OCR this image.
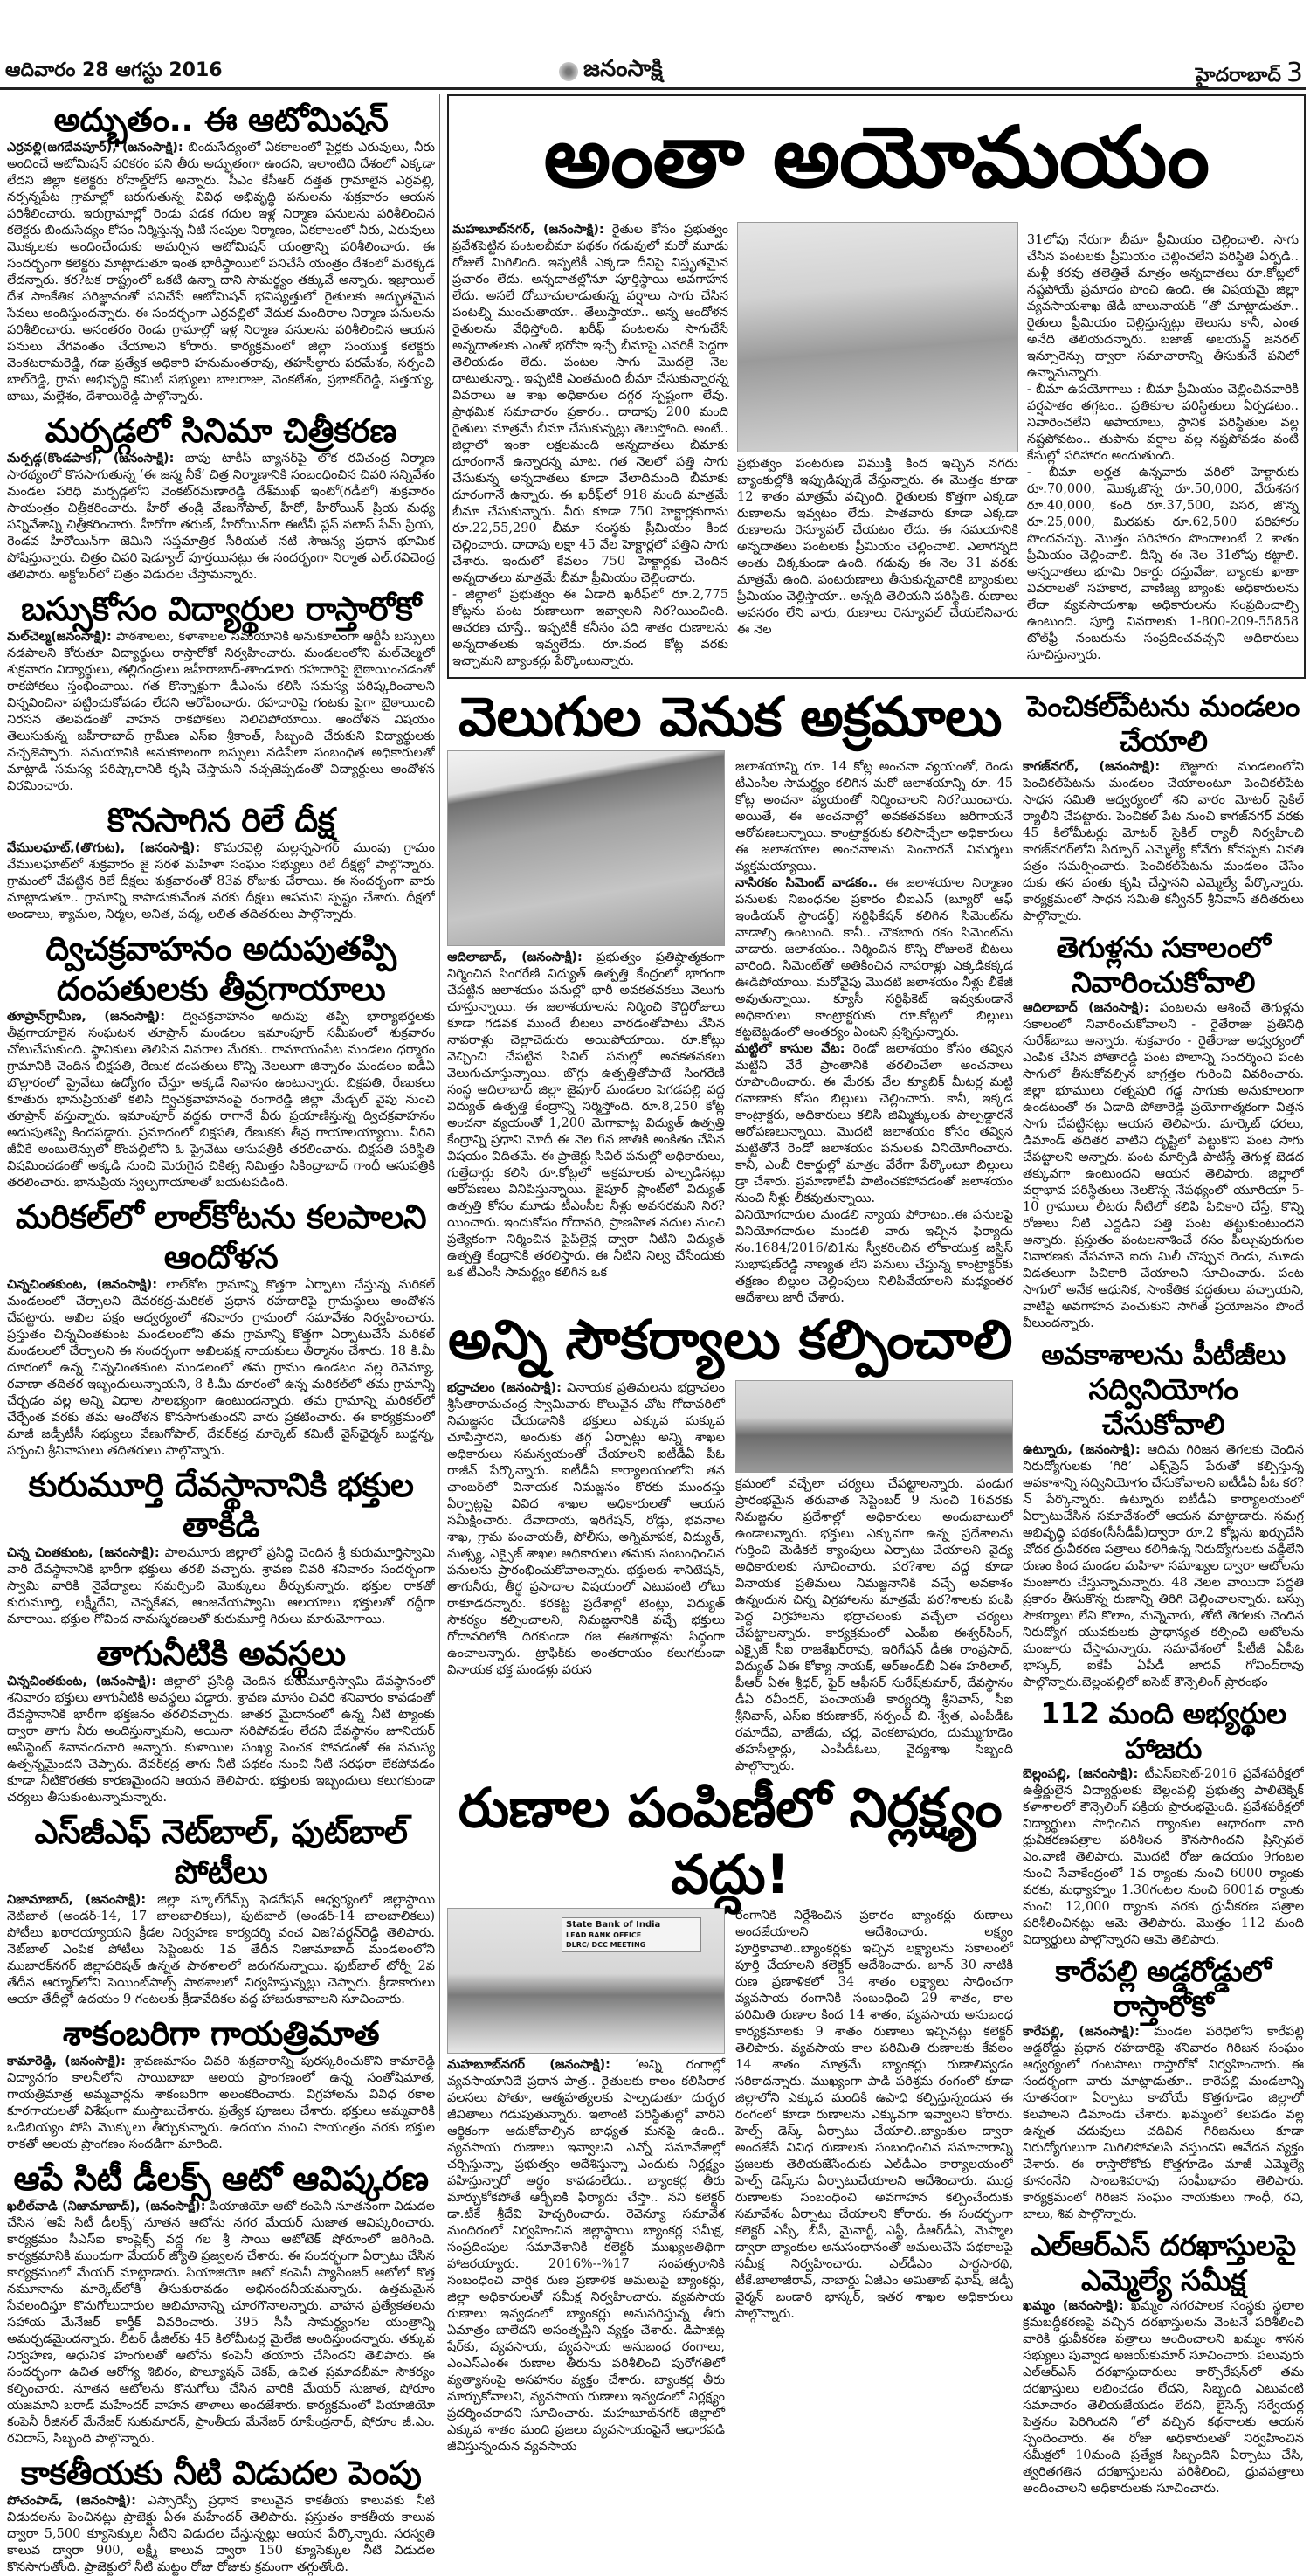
ఆదివారం 28 ఆగస్టు 2016	జనంసాక్షి	హైదరాబాద్ 3
అద్భుతం.. ఈ ఆటోమిషన్

ఎర్రవల్లి(జగదేవపూర్), (జనంసాక్షి): బిందుసేద్యంలో ఏకకాలంలో పైర్లకు ఎరువులు, నీరు అందించే ఆటోమిషన్ పరికరం పని తీరు అద్భుతంగా ఉందని, ఇలాంటిది దేశంలో ఎక్కడా లేదని జిల్లా కలెక్టరు రోనాల్డ్‌రోస్ అన్నారు. సీఎం కేసీఆర్ దత్తత గ్రామాలైన ఎర్రవల్లి, నర్సన్నపేట గ్రామాల్లో జరుగుతున్న వివిధ అభివృద్ధి పనులను శుక్రవారం ఆయన పరిశీలించారు. ఇరుగ్రామాల్లో రెండు పడక గదుల ఇళ్ల నిర్మాణ పనులను పరిశీలించిన కలెక్టరు బిందుసేద్యం కోసం నిర్మిస్తున్న నీటి సంపుల నిర్మాణం, ఏకకాలంలో నీరు, ఎరువులు మొక్కలకు అందించేందుకు అమర్చిన ఆటోమిషన్ యంత్రాన్ని పరిశీలించారు. ఈ సందర్భంగా కలెక్టరు మాట్లాడుతూ ఇంత భారీస్థాయిలో పనిచేసే యంత్రం దేశంలో మరెక్కడ లేదన్నారు. కర?టక రాష్ట్రంలో ఒకటి ఉన్నా దాని సామర్థ్యం తక్కువే అన్నారు. ఇజ్రాయిల్ దేశ సాంకేతిక పరిజ్ఞానంతో పనిచేసే ఆటోమిషన్ భవిష్యత్తులో రైతులకు అద్భుతమైన సేవలు అందిస్తుందన్నారు. ఈ సందర్భంగా ఎర్రవల్లిలో వేదుక మందిరాల నిర్మాణ పనులను పరిశీలించారు. అనంతరం రెండు గ్రామాల్లో ఇళ్ల నిర్మాణ పనులను పరిశీలించిన ఆయన పనులు వేగవంతం చేయాలని కోరారు. కార్యక్రమంలో జిల్లా సంయుక్త కలెక్టరు వెంకటరామరెడ్డి, గడా ప్రత్యేక అధికారి హనుమంతరావు, తహసీల్దారు పరమేశం, సర్పంచి బాల్‌రెడ్డి, గ్రామ అభివృద్ధి కమిటీ సభ్యులు బాలరాజు, వెంకటేశం, ప్రభాకర్‌రెడ్డి, సత్తయ్య, బాబు, మల్లేశం, దేశాయిరెడ్డి పాల్గొన్నారు.

మర్పడ్గలో సినిమా చిత్రీకరణ

మర్పడ్గ(కొండపాక), (జనంసాక్షి): బాపు టాకీస్ బ్యానర్‌పై లోక రవిచంద్ర నిర్మాణ సారథ్యంలో కొనసాగుతున్న ‘ఈ జన్మ నీకే’ చిత్ర నిర్మాణానికి సంబంధించిన చివరి సన్నివేశం మండల పరిధి మర్పడ్గలోని వెంకట్‌రమణారెడ్డి దేశ్‌ముఖ్ ఇంటో(గడీలో) శుక్రవారం సాయంత్రం చిత్రీకరించారు. హీరో తండ్రి వేణుగోపాల్, హీరో, హీరోయిన్ ప్రియ మధ్య సన్నివేశాన్ని చిత్రీకరించారు. హీరోగా తరుణ్, హీరోయిన్‌గా ఈటీవీ ప్లస్ పటాస్ ఫేమ్ ప్రియ, రెండవ హీరోయిన్‌గా జెమిని సప్తమాత్రిక సీరియల్ నటి సౌజన్య ప్రధాన భూమిక పోషిస్తున్నారు. చిత్రం చివరి షెడ్యూల్ పూర్తయినట్లు ఈ సందర్భంగా నిర్మాత ఎల్.రవిచెంద్ర తెలిపారు. అక్టోబర్‌లో చిత్రం విడుదల చేస్తామన్నారు.

బస్సుకోసం విద్యార్థుల రాస్తారోకో

మల్‌చెల్మ(జనంసాక్షి): పాఠశాలలు, కళాశాలల సమయానికి అనుకూలంగా ఆర్టీసీ బస్సులు నడపాలని కోరుతూ విద్యార్థులు రాస్తారోకో నిర్వహించారు. మండలంలోని మల్‌చెల్మలో శుక్రవారం విద్యార్థులు, తల్లిదండ్రులు జహీరాబాద్-తాండూరు రహదారిపై బైఠాయించడంతో రాకపోకలు స్తంభించాయి. గత కొన్నాళ్లుగా డీఎంను కలిసి సమస్య పరిష్కరించాలని విన్నవించినా పట్టించుకోవడం లేదని ఆరోపించారు. రహదారిపై గంటకు పైగా బైఠాయించి నిరసన తెలపడంతో వాహన రాకపోకలు నిలిచిపోయాయి. ఆందోళన విషయం తెలుసుకున్న జహీరాబాద్ గ్రామీణ ఎస్‌ఐ శ్రీకాంత్, సిబ్బంది చేరుకుని విద్యార్థులకు నచ్చజెప్పారు. సమయానికి అనుకూలంగా బస్సులు నడిపేలా సంబంధిత అధికారులతో మాట్లాడి సమస్య పరిష్కారానికి కృషి చేస్తామని నచ్చజెప్పడంతో విద్యార్థులు ఆందోళన విరమించారు.

కొనసాగిన రిలే దీక్ష

వేములఘాట్,(తొగుట), (జనంసాక్షి): కొమరవెల్లి మల్లన్నసాగర్ ముంపు గ్రామం వేములఘాట్‌లో శుక్రవారం జై సరళ మహిళా సంఘం సభ్యులు రిలే దీక్షల్లో పాల్గొన్నారు. గ్రామంలో చేపట్టిన రిలే దీక్షలు శుక్రవారంతో 83వ రోజుకు చేరాయి. ఈ సందర్భంగా వారు మాట్లాడుతూ.. గ్రామాన్ని కాపాడుకునేంత వరకు దీక్షలు ఆపమని స్పష్టం చేశారు. దీక్షలో అండాలు, శ్యామల, నిర్మల, అనిత, పద్మ, లలిత తదితరులు పాల్గొన్నారు.

ద్విచక్రవాహనం అదుపుతప్పి దంపతులకు తీవ్రగాయాలు

తూప్రాన్‌గ్రామీణ, (జనంసాక్షి): ద్విచక్రవాహనం అదుపు తప్పి భార్యాభర్తలకు తీవ్రగాయాలైన సంఘటన తూప్రాన్ మండలం ఇమాంపూర్ సమీపంలో శుక్రవారం చోటుచేసుకుంది. స్థానికులు తెలిపిన వివరాల మేరకు.. రామాయంపేట మండలం ధర్మారం గ్రామానికి చెందిన బిక్షపతి, రేణుక దంపతులు కొన్ని నెలలుగా జిన్నారం మండలం ఐడీఏ బొల్లారంలో ప్రైవేటు ఉద్యోగం చేస్తూ అక్కడే నివాసం ఉంటున్నారు. బిక్షపతి, రేణుకలు కూతురు భానుప్రియతో కలిసి ద్విచక్రవాహనంపై రంగారెడ్డి జిల్లా మేడ్చల్ వైపు నుంచి తూప్రాన్ వస్తున్నారు. ఇమాంపూర్ వద్దకు రాగానే వీరు ప్రయాణిస్తున్న ద్విచక్రవాహనం అదుపుతప్పి కిందపడ్డారు. ప్రమాదంలో బిక్షపతి, రేణుకకు తీవ్ర గాయాలయ్యాయి. వీరిని జీవీకే అంబులెన్సులో కొంపల్లిలోని ఓ ప్రైవేటు ఆసుపత్రికి తరలించారు. బిక్షపతి పరిస్థితి విషమించడంతో అక్కడి నుంచి మెరుగైన చికిత్స నిమిత్తం సికింద్రాబాద్ గాంధీ ఆసుపత్రికి తరలించారు. భానుప్రియ స్వల్పగాయాలతో బయటపడింది.

మరికల్‌లో లాల్‌కోటను కలపాలని ఆందోళన

చిన్నచింతకుంట, (జనంసాక్షి): లాల్‌కోట గ్రామాన్ని కొత్తగా ఏర్పాటు చేస్తున్న మరికల్ మండలంలో చేర్చాలని దేవరకద్ర-మరికల్ ప్రధాన రహదారిపై గ్రామస్థులు ఆందోళన చేపట్టారు. అఖిల పక్షం ఆధ్వర్యంలో శనివారం గ్రామంలో సమావేశం నిర్వహించారు. ప్రస్తుతం చిన్నచింతకుంట మండలంలోని తమ గ్రామాన్ని కొత్తగా ఏర్పాటుచేసే మరికల్ మండలంలో చేర్చాలని ఈ సందర్భంగా అఖిలపక్ష నాయకులు తీర్మానం చేశారు. 18 కి.మీ దూరంలో ఉన్న చిన్నచింతకుంట మండలంలో తమ గ్రామం ఉండటం వల్ల రెవెన్యూ, రవాణా తదితర ఇబ్బందులున్నాయని, 8 కి.మీ దూరంలో ఉన్న మరికల్‌లో తమ గ్రామాన్ని చేర్చడం వల్ల అన్ని విధాల సౌలభ్యంగా ఉంటుందన్నారు. తమ గ్రామాన్ని మరికల్‌లో చేర్చేంత వరకు తమ ఆందోళన కొనసాగుతుందని వారు ప్రకటించారు. ఈ కార్యక్రమంలో మాజీ జడ్పీటీసీ సభ్యులు వేణుగోపాల్, దేవర్‌కద్ర మార్కెట్ కమిటీ వైస్‌ఛైర్మన్ బుద్దన్న, సర్పంచి శ్రీనివాసులు తదితరులు పాల్గొన్నారు.

కురుమూర్తి దేవస్థానానికి భక్తుల తాకిడి

చిన్న చింతకుంట, (జనంసాక్షి): పాలమూరు జిల్లాలో ప్రసిద్ధి చెందిన శ్రీ కురుమూర్తిస్వామి వారి దేవస్థానానికి భారీగా భక్తులు తరలి వచ్చారు. శ్రావణ చివరి శనివారం సందర్భంగా స్వామి వారికి నైవేద్యాలు సమర్పించి మొక్కులు తీర్చుకున్నారు. భక్తుల రాకతో కురుమూర్తి, లక్ష్మీదేవి, చెన్నకేశవ, ఆంజనేయస్వామి ఆలయాలు భక్తులతో రద్దీగా మారాయి. భక్తుల గోవింద నామస్మరణలతో కురుమూర్తి గిరులు మారుమోగాయి.

తాగునీటికి అవస్థలు

చిన్నచింతకుంట, (జనంసాక్షి): జిల్లాలో ప్రసిద్ధి చెందిన కురుమూర్తిస్వామి దేవస్థానంలో శనివారం భక్తులు తాగునీటికి అవస్థలు పడ్డారు. శ్రావణ మాసం చివరి శనివారం కావడంతో దేవస్థానానికి భారీగా భక్తజనం తరలివచ్చారు. జాతర మైదానంలో ఉన్న నీటి ట్యాంకు ద్వారా తాగు నీరు అందిస్తున్నామని, అయినా సరిపోవడం లేదని దేవస్థానం జూనియర్ అసిస్టెంట్ శివానందచారి అన్నారు. కుళాయిల సంఖ్య పెంచక పోవడంతో ఈ సమస్య ఉత్పన్నమైందని చెప్పారు. దేవర్‌కద్ర తాగు నీటి పథకం నుంచి నీటి సరఫరా లేకపోవడం కూడా నీటికొరతకు కారణమైందని ఆయన తెలిపారు. భక్తులకు ఇబ్బందులు కలుగకుండా చర్యలు తీసుకుంటున్నామన్నారు.

ఎస్‌జీఎఫ్ నెట్‌బాల్, ఫుట్‌బాల్ పోటీలు

నిజామాబాద్, (జనంసాక్షి): జిల్లా స్కూల్‌గేమ్స్ ఫెడరేషన్ ఆధ్వర్యంలో జిల్లాస్థాయి నెట్‌బాల్ (అండర్-14, 17 బాలబాలికలు), ఫుట్‌బాల్ (అండర్-14 బాలబాలికలు) పోటీలు ఖరారయ్యాయని క్రీడల నిర్వహణ కార్యదర్శి వంచ విజ?వర్ధన్‌రెడ్డి తెలిపారు. నెట్‌బాల్ ఎంపిక పోటీలు సెప్టెంబరు 1వ తేదీన నిజామాబాద్ మండలంలోని ముబారక్‌నగర్ జిల్లాపరిషత్ ఉన్నత పాఠశాలలో జరుగనున్నాయి. ఫుట్‌బాల్ టోర్నీ 2వ తేదీన ఆర్మూర్‌లోని సెయింట్‌పాల్స్ పాఠశాలలో నిర్వహిస్తున్నట్లు చెప్పారు. క్రీడాకారులు ఆయా తేదీల్లో ఉదయం 9 గంటలకు క్రీడావేదికల వద్ద హాజరుకావాలని సూచించారు.

శాకంబరిగా గాయత్రిమాత

కామారెడ్డి, (జనంసాక్షి): శ్రావణమాసం చివరి శుక్రవారాన్ని పురస్కరించుకొని కామారెడ్డి విద్యానగం కాలనీలోని సాయిబాబా ఆలయ ప్రాంగణంలో ఉన్న సంతోషిమాత, గాయత్రిమాత్ర అమ్మవార్లను శాకంబరిగా అలంకరించారు. విగ్రహాలను వివిధ రకాల కూరగాయలతో విశేషంగా ముస్తాబుచేశారు. ప్రత్యేక పూజలు చేశారు. భక్తులు అమ్మవారికి ఒడిబియ్యం పోసి మొక్కులు తీర్చుకున్నారు. ఉదయం నుంచి సాయంత్రం వరకు భక్తుల రాకతో ఆలయ ప్రాంగణం సందడిగా మారింది.

ఆపే సిటీ డీలక్స్ ఆటో ఆవిష్కరణ

ఖలీల్‌వాడి (నిజామాబాద్), (జనంసాక్షి): పియాజియో ఆటో కంపెనీ నూతనంగా విడుదల చేసిన ‘ఆపే సిటీ డీలక్స్’ నూతన ఆటోను నగర మేయర్ సుజాత ఆవిష్కరించారు. కార్యక్రమం సీఎస్‌ఐ కాంప్లెక్స్ వద్ద గల శ్రీ సాయి ఆటోటెక్ షోరూంలో జరిగింది. కార్యక్రమానికి ముందుగా మేయర్ జ్యోతి ప్రజ్వలన చేశారు. ఈ సందర్భంగా ఏర్పాటు చేసిన కార్యక్రమంలో మేయర్ మాట్లాడారు. పియాజియో ఆటో కంపెనీ ప్యాసింజర్ ఆటోలో కొత్త నమూనాను మార్కెట్‌లోకి తీసుకురావడం అభినందనీయమన్నారు. ఉత్తమమైన సేవలందిస్తూ కొనుగోలుదారుల అభిమానాన్ని చూరగొనాలన్నారు. వాహన ప్రత్యేకతలను సహాయ మేనేజర్ కార్తీక్ వివరించారు. 395 సీసీ సామర్థ్యంగల యంత్రాన్ని అమర్చడమైందన్నారు. లీటర్ డీజిల్‌కు 45 కిలోమీటర్ల మైలేజి అందిస్తుందన్నారు. తక్కువ నిర్వహణ, ఆధునిక హంగులతో ఆటోను కంపెనీ తయారు చేసిందని తెలిపారు. ఈ సందర్భంగా ఉచిత ఆరోగ్య శిబిరం, పొల్యూషన్ చెకప్, ఉచిత ప్రమాదబీమా సౌకర్యం కల్పించారు. నూతన ఆటోలను కొనుగోలు చేసిన వారికి మేయర్ సుజాత, షోరూం యజమాని బరాడ్ మహేందర్ వాహన తాళాలు అందజేశారు. కార్యక్రమంలో పియాజియో కంపెనీ రీజినల్ మేనేజర్ సుకుమారన్, ప్రాంతీయ మేనేజర్ రూపేంద్రనాథ్, షోరూం జీ.ఎం. రవిదాస్, సిబ్బంది పాల్గొన్నారు.

కాకతీయకు నీటి విడుదల పెంపు

పోచంపాడ్, (జనంసాక్షి): ఎస్సారెస్పీ ప్రధాన కాలువైన కాకతీయ కాలువకు నీటి విడుదలను పెంచినట్లు ప్రాజెక్టు ఏఈ మహేందర్ తెలిపారు. ప్రస్తుతం కాకతీయ కాలువ ద్వారా 5,500 క్యూసెక్కుల నీటిని విడుదల చేస్తున్నట్లు ఆయన పేర్కొన్నారు. సరస్వతి కాలువ ద్వారా 900, లక్ష్మీ కాలువ ద్వారా 150 క్యూసెక్కుల నీటి విడుదల కొనసాగుతోంది. ప్రాజెక్టులో నీటి మట్టం రోజు రోజుకు క్రమంగా తగ్గుతోంది.

అంతా అయోమయం

మహబూబ్‌నగర్, (జనంసాక్షి): రైతుల కోసం ప్రభుత్వం ప్రవేశపెట్టిన పంటలబీమా పథకం గడువులో మరో మూడు రోజులే మిగిలింది. ఇప్పటికీ ఎక్కడా దీనిపై విస్తృతమైన ప్రచారం లేదు. అన్నదాతల్లోనూ పూర్తిస్థాయి అవగాహన లేదు. అసలే దోబూచులాడుతున్న వర్షాలు సాగు చేసిన పంటల్ని ముంచుతాయా.. తేలుస్తాయా.. అన్న ఆందోళన రైతులను వేధిస్తోంది. ఖరీఫ్ పంటలను సాగుచేసే అన్నదాతలకు ఎంతో భరోసా ఇచ్చే బీమాపై ఎవరికీ పెద్దగా తెలియడం లేదు. పంటల సాగు మొదలై నెల దాటుతున్నా.. ఇప్పటికి ఎంతమంది బీమా చేసుకున్నారన్న వివరాలు ఆ శాఖ అధికారుల దగ్గర స్పష్టంగా లేవు. ప్రాథమిక సమాచారం ప్రకారం.. దాదాపు 200 మంది రైతులు మాత్రమే బీమా చేసుకున్నట్లు తెలుస్తోంది. అంటే.. జిల్లాలో ఇంకా లక్షలమంది అన్నదాతలు బీమాకు దూరంగానే ఉన్నారన్న మాట. గత నెలలో పత్తి సాగు చేసుకున్న అన్నదాతలు కూడా వేలాదిమంది బీమాకు దూరంగానే ఉన్నారు. ఈ ఖరీఫ్‌లో 918 మంది మాత్రమే బీమా చేసుకున్నారు. వీరు కూడా 750 హెక్టార్లకుగాను రూ.22,55,290 బీమా సంస్థకు ప్రీమియం కింద చెల్లించారు. దాదాపు లక్షా 45 వేల హెక్టార్లలో పత్తిని సాగు చేశారు. ఇందులో కేవలం 750 హెక్టార్లకు చెందిన అన్నదాతలు మాత్రమే బీమా ప్రీమియం చెల్లించారు.

- జిల్లాలో ప్రభుత్వం ఈ ఏడాది ఖరీఫ్‌లో రూ.2,775 కోట్లను పంట రుణాలుగా ఇవ్వాలని నిర?యించింది. ఆచరణ చూస్తే.. ఇప్పటికీ కనీసం పది శాతం రుణాలను అన్నదాతలకు ఇవ్వలేదు. రూ.వంద కోట్ల వరకు ఇచ్చామని బ్యాంకర్లు పేర్కొంటున్నారు.

ప్రభుత్వం పంటరుణ విముక్తి కింద ఇచ్చిన నగదు బ్యాంకుల్లోకి ఇప్పుడిప్పుడే వేస్తున్నారు. ఈ మొత్తం కూడా 12 శాతం మాత్రమే వచ్చింది. రైతులకు కొత్తగా ఎక్కడా రుణాలను ఇవ్వటం లేదు. పాతవారు కూడా ఎక్కడా రుణాలను రెన్యూవల్ చేయటం లేదు. ఈ సమయానికి అన్నదాతలు పంటలకు ప్రీమియం చెల్లించాలి. ఎలాగన్నది అంతు చిక్కకుండా ఉంది. గడువు ఈ నెల 31 వరకు మాత్రమే ఉంది. పంటరుణాలు తీసుకున్నవారికి బ్యాంకులు ప్రీమియం చెల్లిస్తాయా.. అన్నది తెలియని పరిస్థితి. రుణాలు అవసరం లేని వారు, రుణాలు రెన్యూవల్ చేయలేనివారు ఈ నెల

31లోపు నేరుగా బీమా ప్రీమియం చెల్లించాలి. సాగు చేసిన పంటలకు ప్రీమియం చెల్లించలేని పరిస్థితి ఏర్పడి.. మళ్లీ కరవు తలెత్తితే మాత్రం అన్నదాతలు రూ.కోట్లలో నష్టపోయే ప్రమాదం పొంచి ఉంది. ఈ విషయమై జిల్లా వ్యవసాయశాఖ జేడీ బాలునాయక్ “తో మాట్లాడుతూ.. రైతులు ప్రీమియం చెల్లిస్తున్నట్లు తెలుసు కానీ, ఎంత అనేది తెలియదన్నారు. బజాజ్ అలయన్జ్ జనరల్ ఇన్సూరెన్సు ద్వారా సమాచారాన్ని తీసుకునే పనిలో ఉన్నామన్నారు.

- బీమా ఉపయోగాలు : బీమా ప్రీమియం చెల్లించినవారికి వర్షపాతం తగ్గటం.. ప్రతికూల పరిస్థితులు ఏర్పడటం.. నివారించలేని అపాయాలు, స్థానిక పరిస్థితుల వల్ల నష్టపోవటం.. తుపాను వర్షాల వల్ల నష్టపోవడం వంటి కేసుల్లో పరిహారం అందుతుంది.

- బీమా అర్హత ఉన్నవారు వరిలో హెక్టారుకు రూ.70,000, మొక్కజొన్న రూ.50,000, వేరుశనగ రూ.40,000, కంది రూ.37,500, పెసర, జొన్న రూ.25,000, మిరపకు రూ.62,500 పరిహారం పొందవచ్చు. మొత్తం పరిహారం పొందాలంటే 2 శాతం ప్రీమియం చెల్లించాలి. దీన్ని ఈ నెల 31లోపు కట్టాలి. అన్నదాతలు భూమి రికార్డు దస్తువేజు, బ్యాంకు ఖాతా వివరాలతో సహకార, వాణిజ్య బ్యాంకు అధికారులను లేదా వ్యవసాయశాఖ అధికారులను సంప్రదించాల్సి ఉంటుంది. పూర్తి వివరాలకు 1-800-209-55858 టోల్‌ఫ్రీ నంబరును సంప్రదించవచ్చని అధికారులు సూచిస్తున్నారు.

వెలుగుల వెనుక అక్రమాలు

ఆదిలాబాద్, (జనంసాక్షి): ప్రభుత్వం ప్రతిష్ఠాత్మకంగా నిర్మించిన సింగరేణి విద్యుత్ ఉత్పత్తి కేంద్రంలో భాగంగా చేపట్టిన జలాశయం పనుల్లో భారీ అవకతవకలు వెలుగు చూస్తున్నాయి. ఈ జలాశయాలను నిర్మించి కొద్దిరోజులు కూడా గడవక ముందే బీటలు వారడంతోపాటు వేసిన నాపరాళ్లు చెల్లాచెదురు అయిపోయాయి. రూ.కోట్లు వెచ్చించి చేపట్టిన సివిల్ పనుల్లో అవకతవకలు వెలుగుచూస్తున్నాయి. బొగ్గు ఉత్పత్తితోపాటే సింగరేణి సంస్థ ఆదిలాబాద్ జిల్లా జైపూర్ మండలం పెగడపల్లి వద్ద విద్యుత్ ఉత్పత్తి కేంద్రాన్ని నిర్మిస్తోంది. రూ.8,250 కోట్ల అంచనా వ్యయంతో 1,200 మెగావాట్ల విద్యుత్ ఉత్పత్తి కేంద్రాన్ని ప్రధాని మోదీ ఈ నెల 6న జాతికి అంకితం చేసిన విషయం విదితమే. ఈ ప్రాజెక్టు సివిల్ పనుల్లో అధికారులు, గుత్తేదార్లు కలిసి రూ.కోట్లలో అక్రమాలకు పాల్పడినట్లు ఆరోపణలు వినిపిస్తున్నాయి. జైపూర్ ప్లాంట్‌లో విద్యుత్ ఉత్పత్తి కోసం మూడు టీఎంసీల నీళ్లు అవసరమని నిర?యించారు. ఇందుకోసం గోదావరి, ప్రాణహిత నదుల నుంచి ప్రత్యేకంగా నిర్మించిన పైప్‌లైన్ల ద్వారా నీటిని విద్యుత్ ఉత్పత్తి కేంద్రానికి తరలిస్తారు. ఈ నీటిని నిల్వ చేసేందుకు ఒక టీఎంసీ సామర్థ్యం కలిగిన ఒక

జలాశయాన్ని రూ. 14 కోట్ల అంచనా వ్యయంతో, రెండు టీఎంసీల సామర్థ్యం కలిగిన మరో జలాశయాన్ని రూ. 45 కోట్ల అంచనా వ్యయంతో నిర్మించాలని నిర?యించారు. అయితే, ఈ అంచనాల్లో అవకతవకలు జరిగాయనే ఆరోపణలున్నాయి. కాంట్రాక్టరుకు కలిసొచ్చేలా అధికారులు ఈ జలాశయాల అంచనాలను పెంచారనే విమర్శలు వ్యక్తమయ్యాయి.

నాసిరకం సిమెంట్ వాడకం.. ఈ జలాశయాల నిర్మాణం పనులకు నిబంధనల ప్రకారం బీఐఎస్ (బ్యూరో ఆఫ్ ఇండియన్ స్టాండర్డ్) సర్టిఫికేషన్ కలిగిన సిమెంట్‌ను వాడాల్సి ఉంటుంది. కానీ.. చౌకబారు రకం సిమెంట్‌ను వాడారు. జలాశయం.. నిర్మించిన కొన్ని రోజులకే బీటలు వారింది. సిమెంట్‌తో అతికించిన నాపరాళ్లు ఎక్కడికక్కడ ఊడిపోయాయి. మరోవైపు మొదటి జలాశయం నీళ్లు లీకేజీ అవుతున్నాయి. క్యూసీ సర్టిఫికెట్ ఇవ్వకుండానే అధికారులు కాంట్రాక్టరుకు రూ.కోట్లలో బిల్లులు కట్టబెట్టడంలో ఆంతర్యం ఏంటని ప్రశ్నిస్తున్నారు.

మట్టిలో కాసుల వేట: రెండో జలాశయం కోసం తవ్విన మట్టిని వేరే ప్రాంతానికి తరలించేలా అంచనాలు రూపొందించారు. ఈ మేరకు వేల క్యూబిక్ మీటర్ల మట్టి రవాణాకు కోసం బిల్లులు చెల్లించారు. కానీ, ఇక్కడ కాంట్రాక్టరు, అధికారులు కలిసి జిమ్మిక్కులకు పాల్పడ్డారనే ఆరోపణలున్నాయి. మొదటి జలాశయం కోసం తవ్విన మట్టితోనే రెండో జలాశయం పనులకు వినియోగించారు. కానీ, ఎంబీ రికార్డుల్లో మాత్రం వేరేగా పేర్కొంటూ బిల్లులు డ్రా చేశారు. ప్రమాణాలేవీ పాటించకపోవడంతో జలాశయం నుంచి నీళ్లు లీకవుతున్నాయి.

వినియోగదారుల మండలి న్యాయ పోరాటం..ఈ పనులపై వినియోగదారుల మండలి వారు ఇచ్చిన ఫిర్యాదు నం.1684/2016/బి1ను స్వీకరించిన లోకాయుక్త జస్టిస్ సుభాషణ్‌రెడ్డి నాణ్యత లేని పనులు చేస్తున్న కాంట్రాక్టర్‌కు తక్షణం బిల్లుల చెల్లింపులు నిలిపివేయాలని మధ్యంతర ఆదేశాలు జారీ చేశారు.

అన్ని సౌకర్యాలు కల్పించాలి

భద్రాచలం (జనంసాక్షి): వినాయక ప్రతిమలను భద్రాచలం శ్రీసీతారామచంద్ర స్వామివారు కొలువైన చోట గోదావరిలో నిమజ్జనం చేయడానికి భక్తులు ఎక్కువ మక్కువ చూపిస్తారని, అందుకు తగ్గ ఏర్పాట్లు అన్ని శాఖల అధికారులు సమన్వయంతో చేయాలని ఐటీడీఏ పీఓ రాజీవ్ పేర్కొన్నారు. ఐటీడీఏ కార్యాలయంలోని తన ఛాంబర్‌లో వినాయక నిమజ్జనం కొరకు ముందస్తు ఏర్పాట్లపై వివిధ శాఖల అధికారులతో ఆయన సమీక్షించారు. దేవాదాయ, ఇరిగేషన్, రోడ్లు, భవనాల శాఖ, గ్రామ పంచాయతీ, పోలీసు, అగ్నిమాపక, విద్యుత్, మత్స్య, ఎక్సైజ్ శాఖల అధికారులు తమకు సంబంధించిన పనులను ప్రారంభించుకోవాలన్నారు. భక్తులకు శానిటేషన్, తాగునీరు, తీర్థ ప్రసాదాల విషయంలో ఎటువంటి లోటు రాకూడదన్నారు. కరకట్ట ప్రదేశాల్లో టెంట్లు, విద్యుత్ సౌకర్యం కల్పించాలని, నిమజ్జనానికి వచ్చే భక్తులు గోదావరిలోకి దిగకుండా గజ ఈతగాళ్లను సిద్ధంగా ఉంచాలన్నారు. ట్రాఫిక్‌కు అంతరాయం కలుగకుండా వినాయక భక్త మండళ్లు వరుస

క్రమంలో వచ్చేలా చర్యలు చేపట్టాలన్నారు. పండుగ ప్రారంభమైన తరువాత సెప్టెంబర్ 9 నుంచి 16వరకు నిమజ్జనం ప్రదేశాల్లో అధికారులు అందుబాటులో ఉండాలన్నారు. భక్తులు ఎక్కువగా ఉన్న ప్రదేశాలను గుర్తించి మెడికల్ క్యాంపులు ఏర్పాటు చేయాలని వైద్య అధికారులకు సూచించారు. పర?శాల వద్ద కూడా వినాయక ప్రతిమలు నిమజ్జనానికి వచ్చే అవకాశం ఉన్నందున చిన్న విగ్రహాలను మాత్రమే పర?శాలకు పంపి పెద్ద విగ్రహాలను భద్రాచలంకు వచ్చేలా చర్యలు చేపట్టాలన్నారు. కార్యక్రమంలో ఎంపీఐ ఈశ్వర్‌సింగ్, ఎక్సైజ్ సీఐ రాజశేఖర్‌రావు, ఇరిగేషన్ డీఈ రాంప్రసాద్, విద్యుత్ ఏఈ కోక్యా నాయక్, ఆర్‌అండ్‌బీ ఏఈ హరిలాల్, పీఆర్ ఏఈ శ్రీధర్, ఫైర్ ఆఫీసర్ సురేష్‌కుమార్, దేవస్థానం డీఏ రవీందర్, పంచాయతీ కార్యదర్శి శ్రీనివాస్, సీఐ శ్రీనివాస్, ఎస్‌ఐ కరుణాకర్, సర్పంచ్ బి. శ్వేత, ఎంపీడీఓ రమాదేవి, వాజేడు, చర్ల, వెంకటాపురం, దుమ్ముగూడెం తహసీల్దార్లు, ఎంపీడీఓలు, వైద్యశాఖ సిబ్బంది పాల్గొన్నారు.

రుణాల పంపిణీలో నిర్లక్ష్యం వద్దు!
State Bank of India
LEAD BANK OFFICE
DLRC/ DCC MEETING

మహబూబ్‌నగర్ (జనంసాక్షి): ‘అన్ని రంగాల్లో వ్యవసాయానిదే ప్రధాన పాత్ర.. రైతులకు కాలం కలిసిరాక వలసలు పోతూ, ఆత్మహత్యలకు పాల్పడుతూ దుర్భర జీవితాలు గడుపుతున్నారు. ఇలాంటి పరిస్థితుల్లో వారిని ఆర్థికంగా ఆదుకోవాల్సిన బాధ్యత మనపై ఉంది.. వ్యవసాయ రుణాలు ఇవ్వాలని ఎన్నో సమావేశాల్లో చర్చిస్తున్నా, ప్రభుత్వం ఆదేశిస్తున్నా ఎందుకు నిర్లక్ష్యం వహిస్తున్నారో అర్థం కావడంలేదు.. బ్యాంకర్ల తీరు మార్చుకోకపోతే ఆర్బీఐకి ఫిర్యాదు చేస్తా.. నని కలెక్టర్ డా.టీకే శ్రీదేవి హెచ్చరించారు. రెవెన్యూ సమావేశ మందిరంలో నిర్వహించిన జిల్లాస్థాయి బ్యాంకర్ల సమీక్ష, సంప్రదింపుల సమావేశానికి కలెక్టర్ ముఖ్యఅతిథిగా హాజరయ్యారు. 2016%--%17 సంవత్సరానికి సంబంధించి వార్షిక రుణ ప్రణాళిక అమలుపై బ్యాంకర్లు, జిల్లా అధికారులతో సమీక్ష నిర్వహించారు. వ్యవసాయ రుణాలు ఇవ్వడంలో బ్యాంకర్లు అనుసరిస్తున్న తీరు ఏమాత్రం బాలేదని అసంతృప్తిని వ్యక్తం చేశారు. డిపాజిట్ల షేర్‌కు, వ్యవసాయ, వ్యవసాయ అనుబంధ రంగాలు, ఎంఎస్‌ఎంఈ రుణాల తీరును పరిశీలించి పురోగతిలో వ్యత్యాసంపై అసహనం వ్యక్తం చేశారు. బ్యాంకర్ల తీరు మార్చుకోవాలని, వ్యవసాయ రుణాలు ఇవ్వడంలో నిర్లక్ష్యం ప్రదర్శించరాదని సూచించారు. మహబూబ్‌నగర్ జిల్లాలో ఎక్కువ శాతం మంది ప్రజలు వ్యవసాయంపైనే ఆధారపడి జీవిస్తున్నందున వ్యవసాయ

రంగానికి నిర్దేశించిన ప్రకారం బ్యాంకర్లు రుణాలు అందజేయాలని ఆదేశించారు. లక్ష్యం పూర్తికావాలి..బ్యాంకర్లకు ఇచ్చిన లక్ష్యాలను సకాలంలో పూర్తి చేయాలని కలెక్టర్ ఆదేశించారు. జూన్ 30 నాటికి రుణ ప్రణాళికలో 34 శాతం లక్ష్యాలు సాధించగా వ్యవసాయ రంగానికి సంబంధించి 29 శాతం, కాల పరిమితి రుణాల కింద 14 శాతం, వ్యవసాయ అనుబంధ కార్యక్రమాలకు 9 శాతం రుణాలు ఇచ్చినట్లు కలెక్టర్ తెలిపారు. వ్యవసాయ కాల పరిమితి రుణాలకు కేవలం 14 శాతం మాత్రమే బ్యాంకర్లు రుణాలివ్వడం సరికాదన్నారు. ముఖ్యంగా పాడి పరిశ్రమ రంగంలో కూడా జిల్లాలోని ఎక్కువ మందికి ఉపాధి కల్పిస్తున్నందున ఈ రంగంలో కూడా రుణాలను ఎక్కువగా ఇవ్వాలని కోరారు. హెల్ప్ డెస్క్ ఏర్పాటు చేయాలి..బ్యాంకుల ద్వారా అందజేసే వివిధ రుణాలకు సంబంధించిన సమాచారాన్ని ప్రజలకు తెలియజేసేందుకు ఎల్‌డీఎం కార్యాలయంలో హెల్ప్ డెస్క్‌ను ఏర్పాటుచేయాలని ఆదేశించారు. ముద్ర రుణాలకు సంబంధించి అవగాహన కల్పించేందుకు సమావేశం ఏర్పాటు చేయాలని కోరారు. ఈ సందర్భంగా కలెక్టర్ ఎస్సీ, బీసీ, మైనార్టీ, ఎస్టీ, డీఆర్‌డీఏ, మెప్మాల ద్వారా బ్యాంకుల అనుసంధానంతో అమలుచేసే పథకాలపై సమీక్ష నిర్వహించారు. ఎల్‌డీఎం పార్థసారథి, టీకే.బాలాజీరావ్, నాబార్డు ఏజీఎం అమితాబ్ ఘోష్, జెడ్పీ వైర్మన్ బండారి భాస్కర్, ఇతర శాఖల అధికారులు పాల్గొన్నారు.

పెంచికల్‌పేటను మండలం చేయాలి

కాగజ్‌నగర్, (జనంసాక్షి): బెజ్జూరు మండలంలోని పెంచికల్‌పేటను మండలం చేయాలంటూ పెంచికల్‌పేట సాధన సమితి ఆధ్వర్యంలో శని వారం మోటర్ సైకిల్ ర్యాలీని చేపట్టారు. పెంచికల్ పేట నుంచి కాగజ్‌నగర్ వరకు 45 కిలోమీటర్లు మోటర్ సైకిల్ ర్యాలీ నిర్వహించి కాగజ్‌నగర్‌లోని సిర్పూర్ ఎమ్మెల్యే కోనేరు కోనప్పకు వినతి పత్రం సమర్పించారు. పెంచికల్‌పేటను మండలం చేసేం దుకు తన వంతు కృషి చేస్తానని ఎమ్మెల్యే పేర్కొన్నారు. కార్యక్రమంలో సాధన సమితి కన్వీనర్ శ్రీనివాస్ తదితరులు పాల్గొన్నారు.

తెగుళ్లను సకాలంలో నివారించుకోవాలి

ఆదిలాబాద్ (జనంసాక్షి): పంటలను ఆశించే తెగుళ్లను సకాలంలో నివారించుకోవాలని - రైతేరాజు ప్రతినిధి సురేశ్‌బాబు అన్నారు. శుక్రవారం - రైతేరాజు అధ్వర్యంలో ఎంపిక చేసిన పోతారెడ్డి పంట పొలాన్ని సందర్శించి పంట సాగులో తీసుకోవల్సిన జాగ్రత్తల గురించి వివరించారు. జిల్లా భూములు రత్నపురి గడ్డ సాగుకు అనుకూలంగా ఉండటంతో ఈ ఏడాది పోతారెడ్డి ప్రయోగాత్మకంగా విత్తన సాగు చేపట్టినట్లు ఆయన తెలిపారు. మార్కెట్ ధరలు, డిమాండ్ తదితర వాటిని దృష్టిలో పెట్టుకొని పంట సాగు చేపట్టాలని అన్నారు. పంట మార్పిడి పాటిస్తే తెగుళ్ల బెడద తక్కువగా ఉంటుందని ఆయన తెలిపారు. జిల్లాలో వర్షాభావ పరిస్థితులు నెలకొన్న నేపథ్యంలో యూరియా 5-10 గ్రాములు లీటరు నీటిలో కలిపి పిచికారి చేస్తే, కొన్ని రోజులు నీటి ఎద్దడిని పత్తి పంట తట్టుకుంటుందని అన్నారు. ప్రస్తుతం పంటలనాశించే రసం పీల్చుపురుగుల నివారణకు వేపనూనె ఐదు మిలీ చొప్పున రెండు, మూడు విడతలుగా పిచికారి చేయాలని సూచించారు. పంట సాగులో అనేక ఆధునిక, సాంకేతిక పద్ధతులు వచ్చాయని, వాటిపై అవగాహన పెంచుకుని సాగితే ప్రయోజనం పొందే వీలుందన్నారు.

అవకాశాలను పీటీజీలు సద్వినియోగం చేసుకోవాలి

ఉట్నూరు, (జనంసాక్షి): ఆదిమ గిరిజన తెగలకు చెందిన నిరుద్యోగులకు ‘గిరి’ ఎక్స్‌ప్రెస్ పేరుతో కల్పిస్తున్న అవకాశాన్ని సద్వినియోగం చేసుకోవాలని ఐటీడీఏ పీఓ కర?న్ పేర్కొన్నారు. ఉట్నూరు ఐటీడీఏ కార్యాలయంలో ఏర్పాటుచేసిన సమావేశంలో ఆయన మాట్లాడారు. సమగ్ర అభివృద్ధి పథకం(సీసీడీపీ)ద్వారా రూ.2 కోట్లను ఖర్చుచేసి చోదక ధ్రువీకరణ పత్రాలు కలిగిఉన్న నిరుద్యోగులకు వడ్డీలేని రుణం కింద మండల మహిళా సమాఖ్యల ద్వారా ఆటోలను మంజూరు చేస్తున్నామన్నారు. 48 నెలల వాయిదా పద్ధతి ప్రకారం తీసుకొన్న రుణాన్ని తిరిగి చెల్లించాలన్నారు. బస్సు సౌకర్యాలు లేని కొలాం, మన్నెవారు, తోటి తెగలకు చెందిన నిరుద్యోగ యువకులకు ప్రాధాన్యత కల్పించి ఆటోలను మంజూరు చేస్తామన్నారు. సమావేశంలో పీటీజీ ఏపీఓ భాస్కర్, ఐకేపీ ఏపీడీ జాదవ్ గోవింద్‌రావు పాల్గొన్నారు.బెల్లంపల్లిలో ఐసెట్ కౌన్సెలింగ్ ప్రారంభం

112 మంది అభ్యర్థుల హాజరు

బెల్లంపల్లి, (జనంసాక్షి): టీఎస్‌ఐసెట్-2016 ప్రవేశపరీక్షలో ఉత్తీర్ణులైన విద్యార్థులకు బెల్లంపల్లి ప్రభుత్వ పాలిటెక్నిక్ కళాశాలలో కౌన్సెలింగ్ పక్రియ ప్రారంభమైంది. ప్రవేశపరీక్షలో విద్యార్థులు సాధించిన ర్యాంకుల ఆధారంగా వారి ధ్రువీకరణపత్రాల పరిశీలన కొనసాగిందని ప్రిన్సిపల్ ఎం.వాణి తెలిపారు. మొదటి రోజు ఉదయం 9గంటల నుంచి సేవాకేంద్రంలో 1వ ర్యాంకు నుంచి 6000 ర్యాంకు వరకు, మధ్యాహ్నం 1.30గంటల నుంచి 6001వ ర్యాంకు నుంచి 12,000 ర్యాంకు వరకు ధ్రువీకరణ పత్రాల పరిశీలించినట్లు ఆమె తెలిపారు. మొత్తం 112 మంది విద్యార్థులు పాల్గొన్నారని ఆమె తెలిపారు.

కారేపల్లి అడ్డరోడ్డులో రాస్తారోకో

కారేపల్లి, (జనంసాక్షి): మండల పరిధిలోని కారేపల్లి అడ్డరోడ్డు ప్రధాన రహదారిపై శనివారం గిరిజన సంఘం ఆధ్వర్యంలో గంటపాటు రాస్తారోకో నిర్వహించారు. ఈ సందర్భంగా వారు మాట్లాడుతూ.. కారేపల్లి మండలాన్ని నూతనంగా ఏర్పాటు కాబోయే కొత్తగూడెం జిల్లాలో కలపాలని డిమాండు చేశారు. ఖమ్మంలో కలపడం వల్ల ఉన్నత చదువులు చదివిన గిరిజనులు కూడా నిరుద్యోగులుగా మిగిలిపోవలసి వస్తుందని ఆవేదన వ్యక్తం చేశారు. ఈ రాస్తారోకోకు కొత్తగూడెం మాజీ ఎమ్మెల్యే కూనంనేని సాంబశివరావు సంఘీభావం తెలిపారు. కార్యక్రమంలో గిరిజన సంఘం నాయకులు గాంధీ, రవి, బాలు, శివ పాల్గొన్నారు.

ఎల్‌ఆర్‌ఎస్ దరఖాస్తులపై ఎమ్మెల్యే సమీక్ష

ఖమ్మం (జనంసాక్షి): ఖమ్మం నగరపాలక సంస్థకు స్థలాల క్రమబద్ధీకరణపై వచ్చిన దరఖాస్తులను వెంటనే పరిశీలించి వారికి ధ్రువీకరణ పత్రాలు అందించాలని ఖమ్మం శాసన సభ్యులు పువ్వాడ అజయ్‌కుమార్ సూచించారు. పలువురు ఎల్‌ఆర్‌ఎస్ దరఖాస్తుదారులు కార్పొరేషన్‌లో తమ దరఖాస్తులు లభించడం లేదని, సిబ్బంది ఎటువంటి సమాచారం తెలియజేయడం లేదని, లైసెన్స్ సర్వేయర్ల పెత్తనం పెరిగిందని “లో వచ్చిన కథనాలకు ఆయన స్పందించారు. ఈ రోజు అధికారులతో నిర్వహించిన సమీక్షలో 10మంది ప్రత్యేక సిబ్బందిని ఏర్పాటు చేసి, త్వరితగతిన దరఖాస్తులను పరిశీలించి, ధ్రువపత్రాలు అందించాలని అధికారులకు సూచించారు.
